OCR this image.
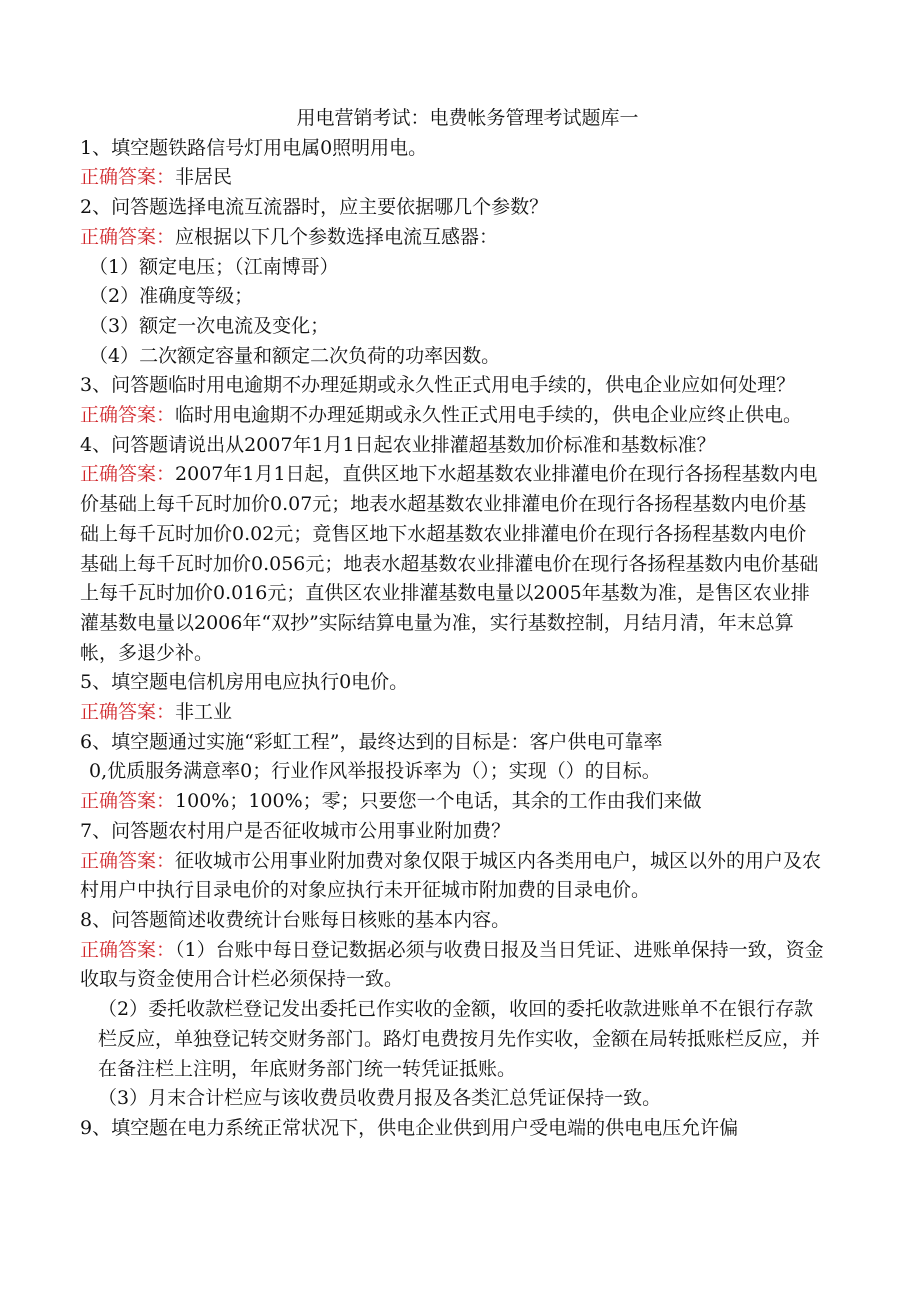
用电营销考试：电费帐务管理考试题库一

1、填空题铁路信号灯用电属0照明用电。

正确答案：非居民

2、问答题选择电流互流器时，应主要依据哪几个参数？

正确答案：应根据以下几个参数选择电流互感器：

（1）额定电压；（江南博哥）

（2）准确度等级；

（3）额定一次电流及变化；

（4）二次额定容量和额定二次负荷的功率因数。

3、问答题临时用电逾期不办理延期或永久性正式用电手续的，供电企业应如何处理？

正确答案：临时用电逾期不办理延期或永久性正式用电手续的，供电企业应终止供电。

4、问答题请说出从2007年1月1日起农业排灌超基数加价标准和基数标准？

正确答案：2007年1月1日起，直供区地下水超基数农业排灌电价在现行各扬程基数内电价基础上每千瓦时加价0.07元；地表水超基数农业排灌电价在现行各扬程基数内电价基础上每千瓦时加价0.02元；竟售区地下水超基数农业排灌电价在现行各扬程基数内电价基础上每千瓦时加价0.056元；地表水超基数农业排灌电价在现行各扬程基数内电价基础上每千瓦时加价0.016元；直供区农业排灌基数电量以2005年基数为准，是售区农业排灌基数电量以2006年“双抄”实际结算电量为准，实行基数控制，月结月清，年末总算帐，多退少补。

5、填空题电信机房用电应执行0电价。

正确答案：非工业

6、填空题通过实施“彩虹工程”，最终达到的目标是：客户供电可靠率

0,优质服务满意率0；行业作风举报投诉率为（）；实现（）的目标。

正确答案：100%；100%；零；只要您一个电话，其余的工作由我们来做

7、问答题农村用户是否征收城市公用事业附加费？

正确答案：征收城市公用事业附加费对象仅限于城区内各类用电户，城区以外的用户及农村用户中执行目录电价的对象应执行未开征城市附加费的目录电价。

8、问答题简述收费统计台账每日核账的基本内容。

正确答案：（1）台账中每日登记数据必须与收费日报及当日凭证、进账单保持一致，资金收取与资金使用合计栏必须保持一致。

（2）委托收款栏登记发出委托已作实收的金额，收回的委托收款进账单不在银行存款栏反应，单独登记转交财务部门。路灯电费按月先作实收，金额在局转抵账栏反应，并在备注栏上注明，年底财务部门统一转凭证抵账。

（3）月末合计栏应与该收费员收费月报及各类汇总凭证保持一致。

9、填空题在电力系统正常状况下，供电企业供到用户受电端的供电电压允许偏
